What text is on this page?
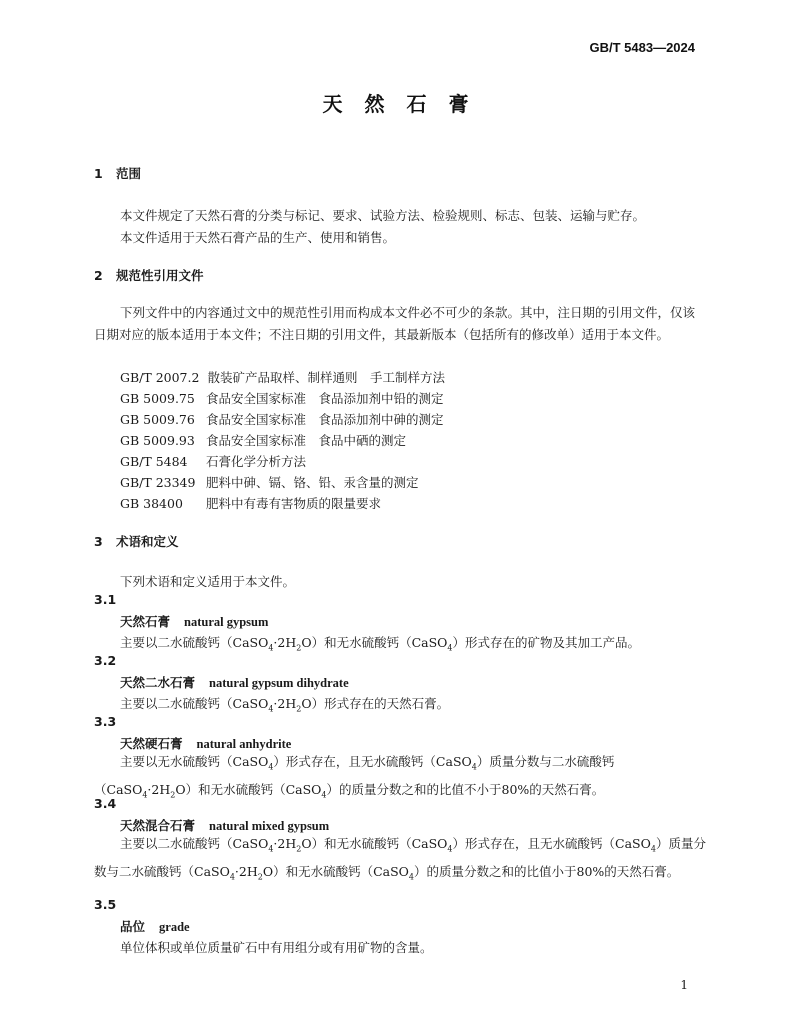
GB/T 5483—2024
天然石膏
1 范围
本文件规定了天然石膏的分类与标记、要求、试验方法、检验规则、标志、包装、运输与贮存。
本文件适用于天然石膏产品的生产、使用和销售。
2 规范性引用文件
下列文件中的内容通过文中的规范性引用而构成本文件必不可少的条款。其中，注日期的引用文件，仅该日期对应的版本适用于本文件；不注日期的引用文件，其最新版本（包括所有的修改单）适用于本文件。
GB/T 2007.2 散装矿产品取样、制样通则　手工制样方法
GB 5009.75 食品安全国家标准　食品添加剂中铅的测定
GB 5009.76 食品安全国家标准　食品添加剂中砷的测定
GB 5009.93 食品安全国家标准　食品中硒的测定
GB/T 5484 石膏化学分析方法
GB/T 23349 肥料中砷、镉、铬、铅、汞含量的测定
GB 38400 肥料中有毒有害物质的限量要求
3 术语和定义
下列术语和定义适用于本文件。
3.1
天然石膏 natural gypsum
主要以二水硫酸钙$(CaSO_4\cdot 2H_2O)$和无水硫酸钙（CaSO$_4$）形式存在的矿物及其加工产品。
3.2
天然二水石膏 natural gypsum dihydrate
主要以二水硫酸钙$(CaSO_4\cdot 2H_2O)$形式存在的天然石膏。
3.3
天然硬石膏 natural anhydrite
主要以无水硫酸钙（CaSO$_4$）形式存在，且无水硫酸钙（CaSO$_4$）质量分数与二水硫酸钙$(CaSO_4\cdot 2H_2O)$和无水硫酸钙（CaSO$_4$）的质量分数之和的比值不小于80%的天然石膏。
3.4
天然混合石膏 natural mixed gypsum
主要以二水硫酸钙$(CaSO_4\cdot 2H_2O)$和无水硫酸钙（CaSO$_4$）形式存在，且无水硫酸钙（CaSO$_4$）质量分数与二水硫酸钙$(CaSO_4\cdot 2H_2O)$和无水硫酸钙（CaSO$_4$）的质量分数之和的比值小于80%的天然石膏。
3.5
品位 grade
单位体积或单位质量矿石中有用组分或有用矿物的含量。
1
